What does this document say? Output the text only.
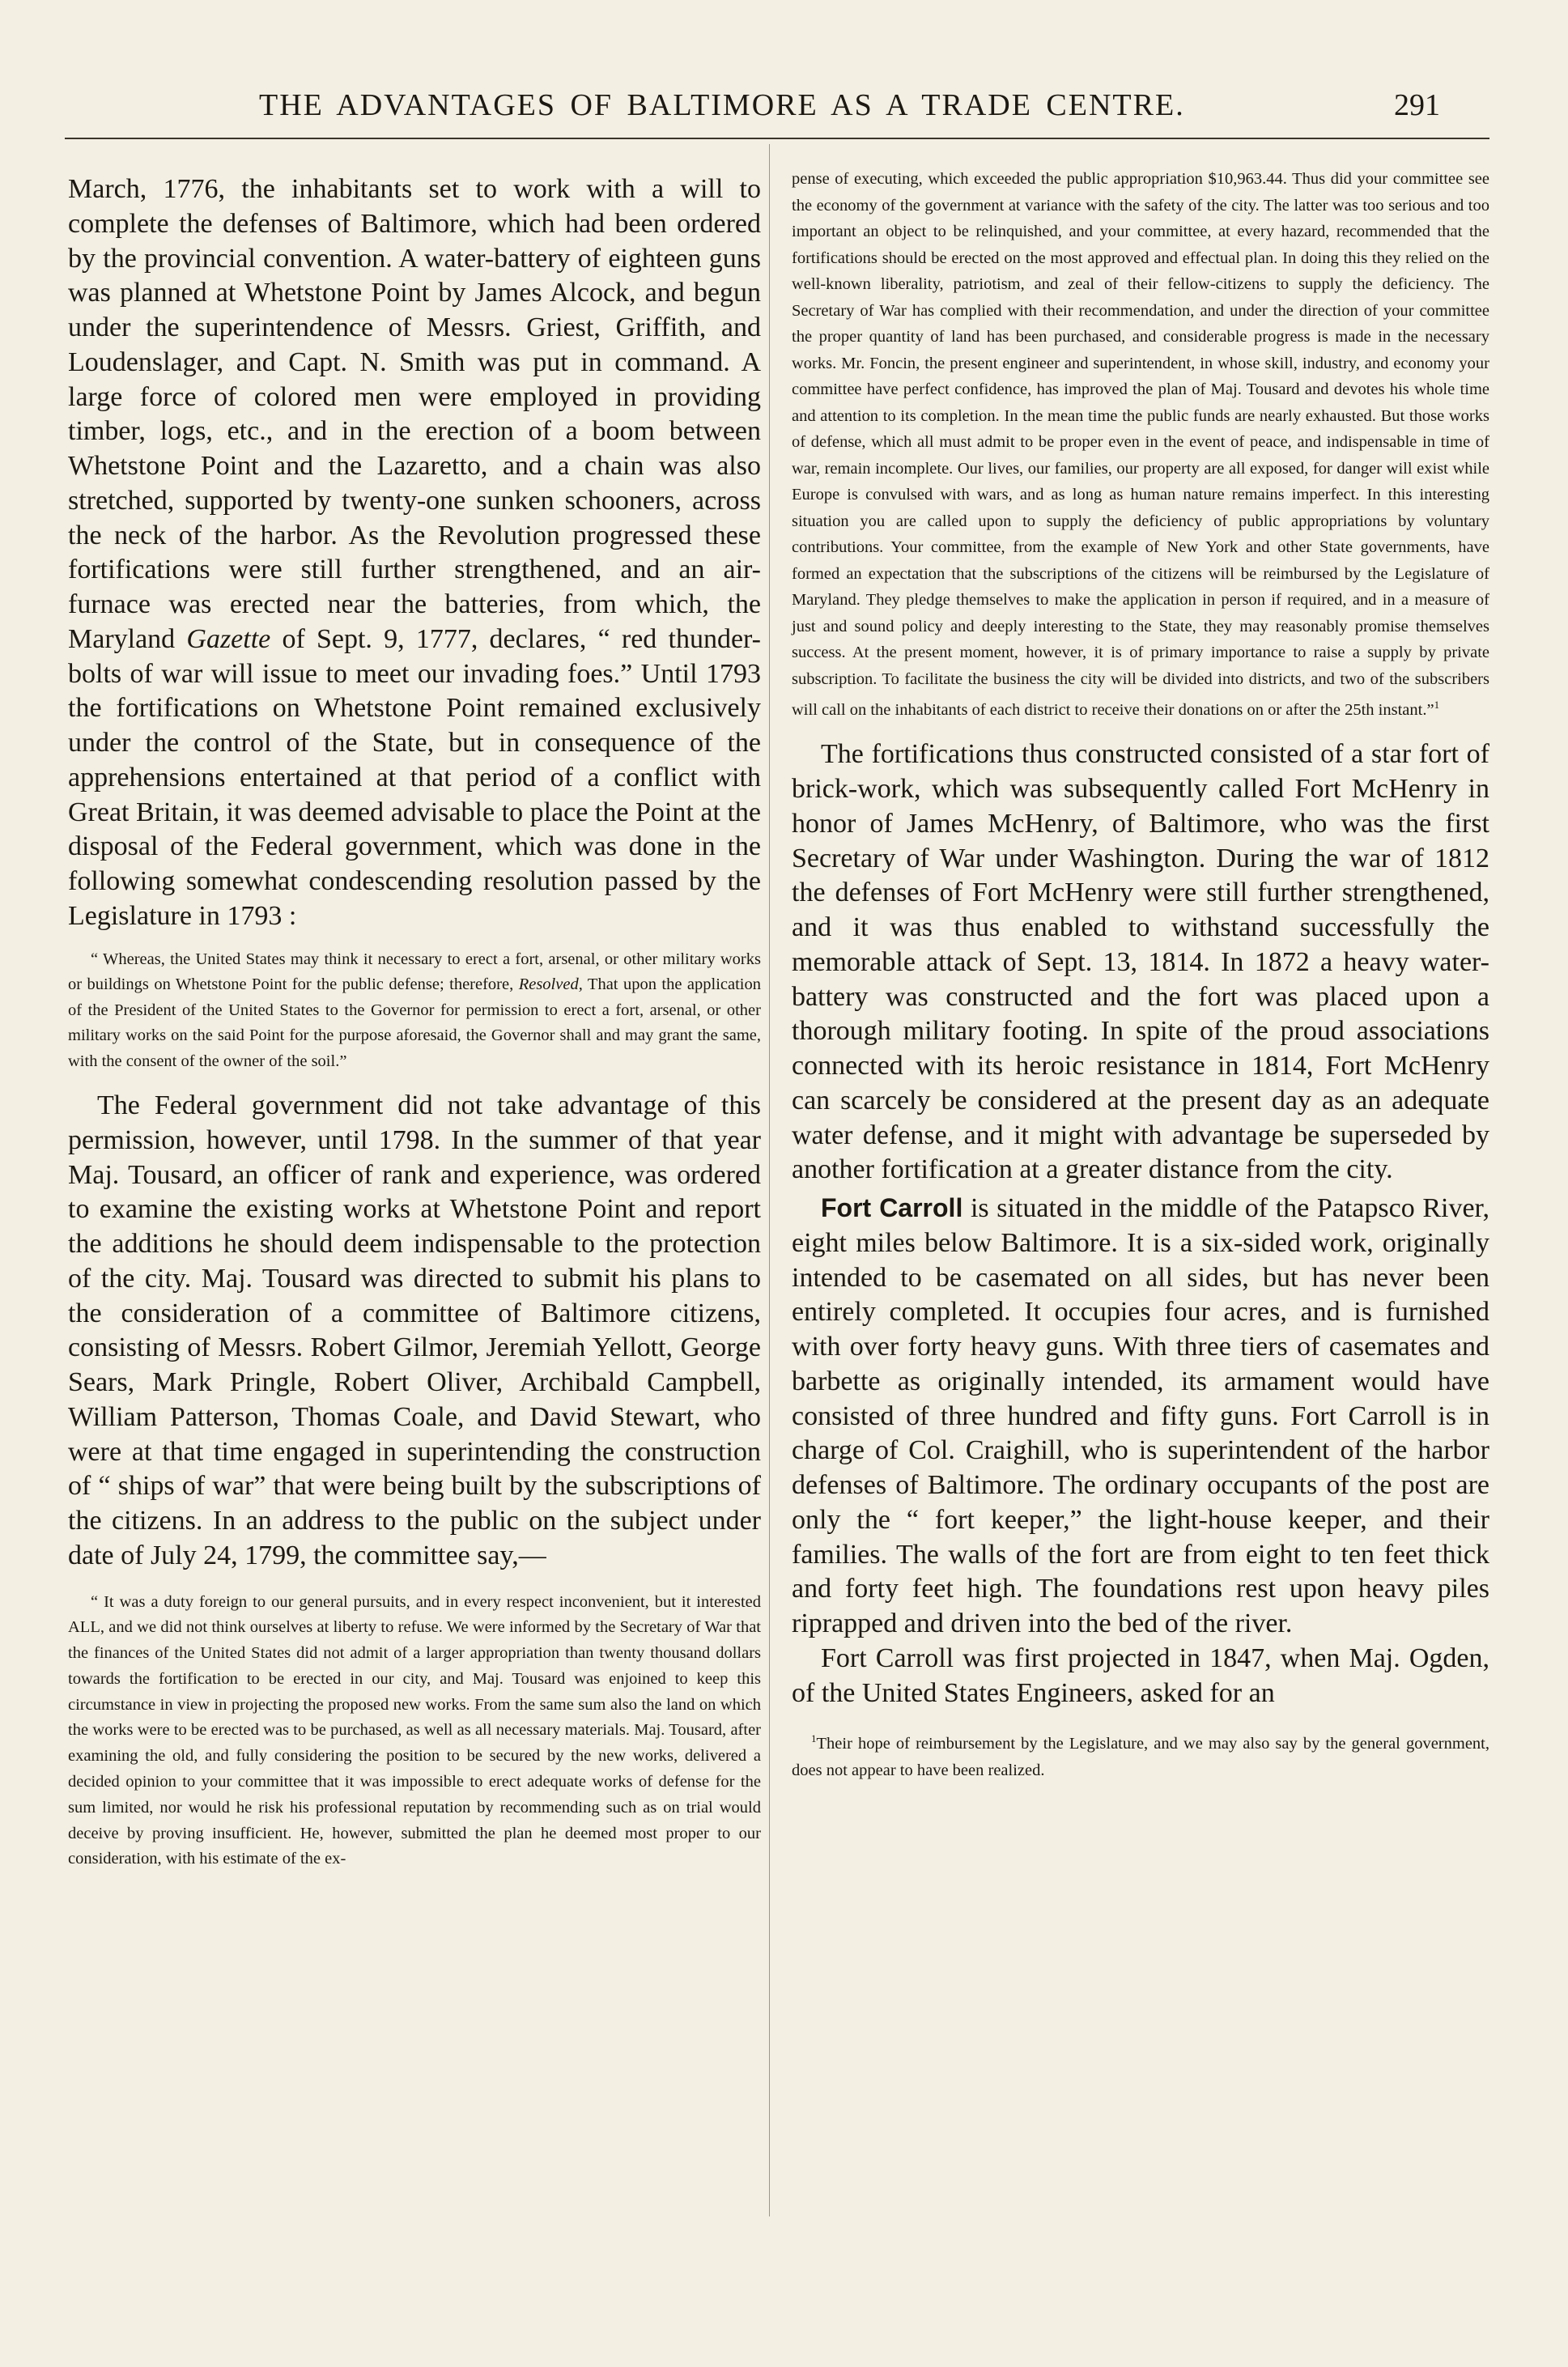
THE ADVANTAGES OF BALTIMORE AS A TRADE CENTRE.	291

March, 1776, the inhabitants set to work with a will to complete the defenses of Baltimore, which had been ordered by the provincial convention. A water-battery of eighteen guns was planned at Whetstone Point by James Alcock, and begun under the superintendence of Messrs. Griest, Griffith, and Loudenslager, and Capt. N. Smith was put in command. A large force of colored men were employed in providing timber, logs, etc., and in the erection of a boom between Whetstone Point and the Lazaretto, and a chain was also stretched, supported by twenty-one sunken schooners, across the neck of the harbor. As the Revolution progressed these fortifications were still further strengthened, and an air-furnace was erected near the batteries, from which, the Maryland Gazette of Sept. 9, 1777, declares, “ red thunder-bolts of war will issue to meet our invading foes.” Until 1793 the fortifications on Whetstone Point remained exclusively under the control of the State, but in consequence of the apprehensions entertained at that period of a conflict with Great Britain, it was deemed advisable to place the Point at the disposal of the Federal government, which was done in the following somewhat condescending resolution passed by the Legislature in 1793 :

“ Whereas, the United States may think it necessary to erect a fort, arsenal, or other military works or buildings on Whetstone Point for the public defense; therefore, Resolved, That upon the application of the President of the United States to the Governor for permission to erect a fort, arsenal, or other military works on the said Point for the purpose aforesaid, the Governor shall and may grant the same, with the consent of the owner of the soil.”

The Federal government did not take advantage of this permission, however, until 1798. In the summer of that year Maj. Tousard, an officer of rank and experience, was ordered to examine the existing works at Whetstone Point and report the additions he should deem indispensable to the protection of the city. Maj. Tousard was directed to submit his plans to the consideration of a committee of Baltimore citizens, consisting of Messrs. Robert Gilmor, Jeremiah Yellott, George Sears, Mark Pringle, Robert Oliver, Archibald Campbell, William Patterson, Thomas Coale, and David Stewart, who were at that time engaged in superintending the construction of “ ships of war” that were being built by the subscriptions of the citizens. In an address to the public on the subject under date of July 24, 1799, the committee say,—

“ It was a duty foreign to our general pursuits, and in every respect inconvenient, but it interested ALL, and we did not think ourselves at liberty to refuse. We were informed by the Secretary of War that the finances of the United States did not admit of a larger appropriation than twenty thousand dollars towards the fortification to be erected in our city, and Maj. Tousard was enjoined to keep this circumstance in view in projecting the proposed new works. From the same sum also the land on which the works were to be erected was to be purchased, as well as all necessary materials. Maj. Tousard, after examining the old, and fully considering the position to be secured by the new works, delivered a decided opinion to your committee that it was impossible to erect adequate works of defense for the sum limited, nor would he risk his professional reputation by recommending such as on trial would deceive by proving insufficient. He, however, submitted the plan he deemed most proper to our consideration, with his estimate of the ex-

pense of executing, which exceeded the public appropriation $10,963.44. Thus did your committee see the economy of the government at variance with the safety of the city. The latter was too serious and too important an object to be relinquished, and your committee, at every hazard, recommended that the fortifications should be erected on the most approved and effectual plan. In doing this they relied on the well-known liberality, patriotism, and zeal of their fellow-citizens to supply the deficiency. The Secretary of War has complied with their recommendation, and under the direction of your committee the proper quantity of land has been purchased, and considerable progress is made in the necessary works. Mr. Foncin, the present engineer and superintendent, in whose skill, industry, and economy your committee have perfect confidence, has improved the plan of Maj. Tousard and devotes his whole time and attention to its completion. In the mean time the public funds are nearly exhausted. But those works of defense, which all must admit to be proper even in the event of peace, and indispensable in time of war, remain incomplete. Our lives, our families, our property are all exposed, for danger will exist while Europe is convulsed with wars, and as long as human nature remains imperfect. In this interesting situation you are called upon to supply the deficiency of public appropriations by voluntary contributions. Your committee, from the example of New York and other State governments, have formed an expectation that the subscriptions of the citizens will be reimbursed by the Legislature of Maryland. They pledge themselves to make the application in person if required, and in a measure of just and sound policy and deeply interesting to the State, they may reasonably promise themselves success. At the present moment, however, it is of primary importance to raise a supply by private subscription. To facilitate the business the city will be divided into districts, and two of the subscribers will call on the inhabitants of each district to receive their donations on or after the 25th instant.”$^1$

The fortifications thus constructed consisted of a star fort of brick-work, which was subsequently called Fort McHenry in honor of James McHenry, of Baltimore, who was the first Secretary of War under Washington. During the war of 1812 the defenses of Fort McHenry were still further strengthened, and it was thus enabled to withstand successfully the memorable attack of Sept. 13, 1814. In 1872 a heavy water-battery was constructed and the fort was placed upon a thorough military footing. In spite of the proud associations connected with its heroic resistance in 1814, Fort McHenry can scarcely be considered at the present day as an adequate water defense, and it might with advantage be superseded by another fortification at a greater distance from the city.

Fort Carroll is situated in the middle of the Patapsco River, eight miles below Baltimore. It is a six-sided work, originally intended to be casemated on all sides, but has never been entirely completed. It occupies four acres, and is furnished with over forty heavy guns. With three tiers of casemates and barbette as originally intended, its armament would have consisted of three hundred and fifty guns. Fort Carroll is in charge of Col. Craighill, who is superintendent of the harbor defenses of Baltimore. The ordinary occupants of the post are only the “ fort keeper,” the light-house keeper, and their families. The walls of the fort are from eight to ten feet thick and forty feet high. The foundations rest upon heavy piles riprapped and driven into the bed of the river.

Fort Carroll was first projected in 1847, when Maj. Ogden, of the United States Engineers, asked for an

$^1$Their hope of reimbursement by the Legislature, and we may also say by the general government, does not appear to have been realized.
